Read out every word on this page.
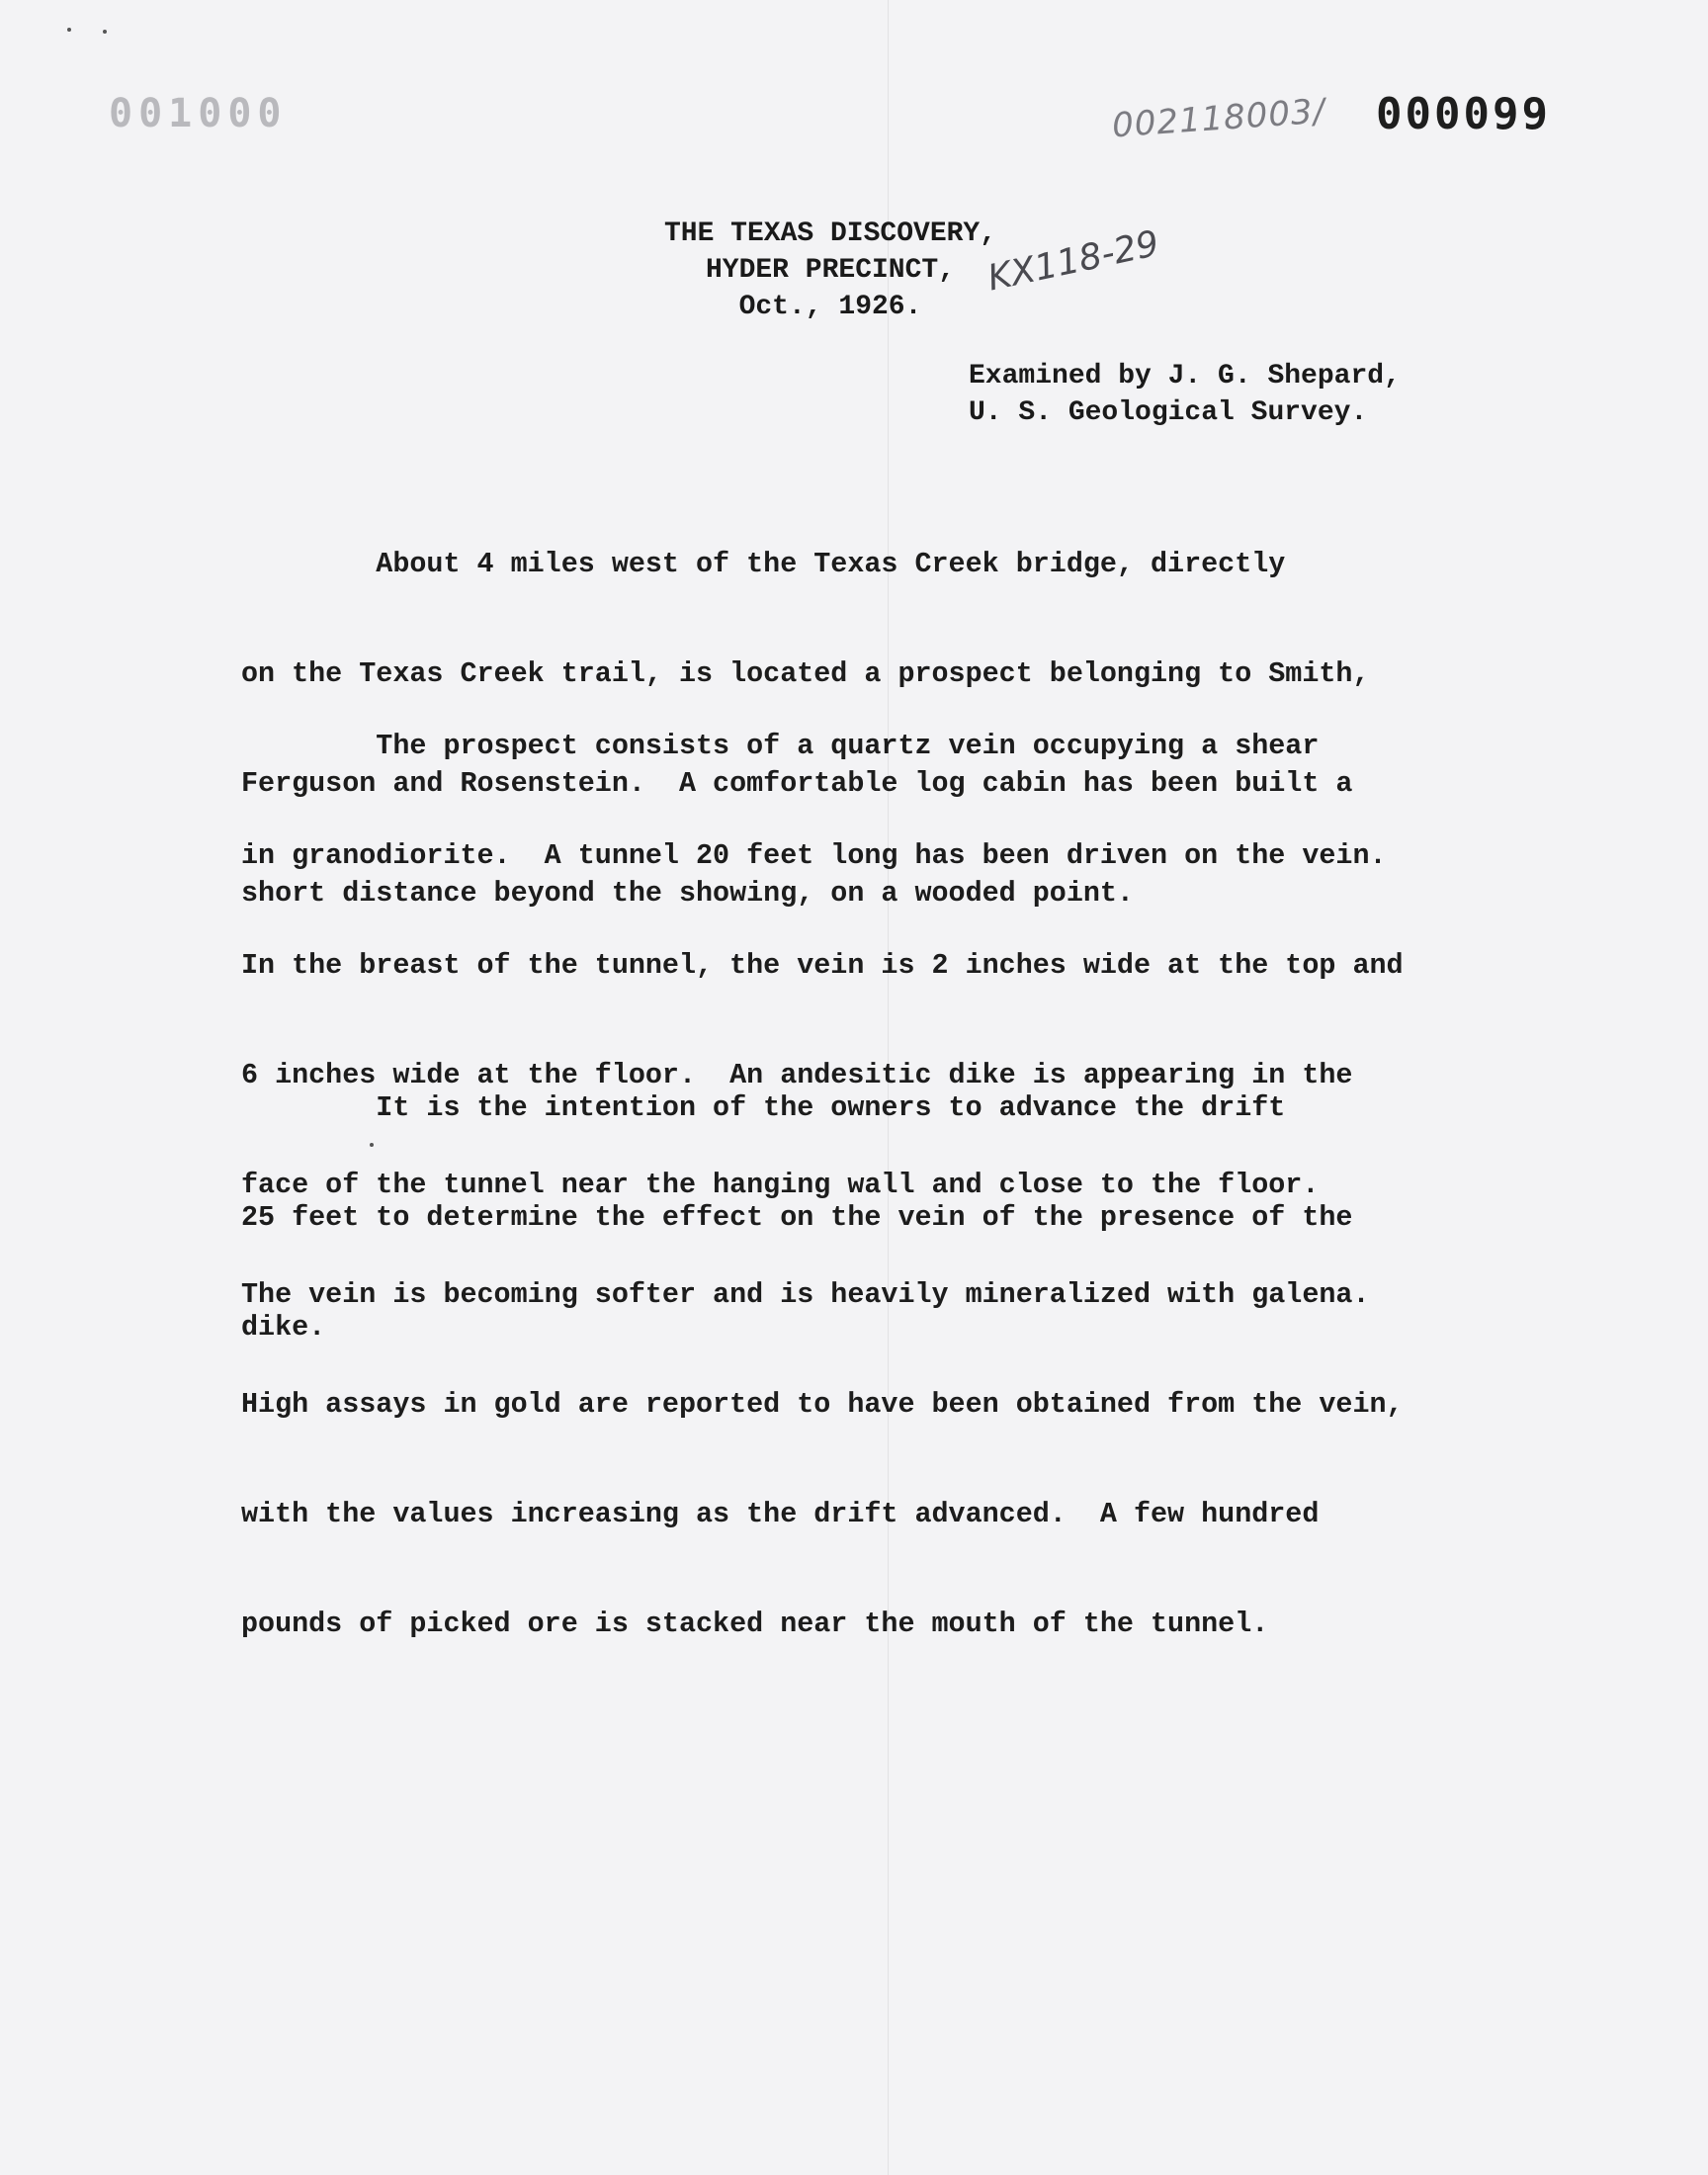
001000	002118003/ 000099
KX118-29
THE TEXAS DISCOVERY,
HYDER PRECINCT,
Oct., 1926.
Examined by J. G. Shepard,
U. S. Geological Survey.

About 4 miles west of the Texas Creek bridge, directly

on the Texas Creek trail, is located a prospect belonging to Smith,

Ferguson and Rosenstein.  A comfortable log cabin has been built a

short distance beyond the showing, on a wooded point.

The prospect consists of a quartz vein occupying a shear

in granodiorite.  A tunnel 20 feet long has been driven on the vein.

In the breast of the tunnel, the vein is 2 inches wide at the top and

6 inches wide at the floor.  An andesitic dike is appearing in the

face of the tunnel near the hanging wall and close to the floor.

The vein is becoming softer and is heavily mineralized with galena.

High assays in gold are reported to have been obtained from the vein,

with the values increasing as the drift advanced.  A few hundred

pounds of picked ore is stacked near the mouth of the tunnel.

It is the intention of the owners to advance the drift

25 feet to determine the effect on the vein of the presence of the

dike.
